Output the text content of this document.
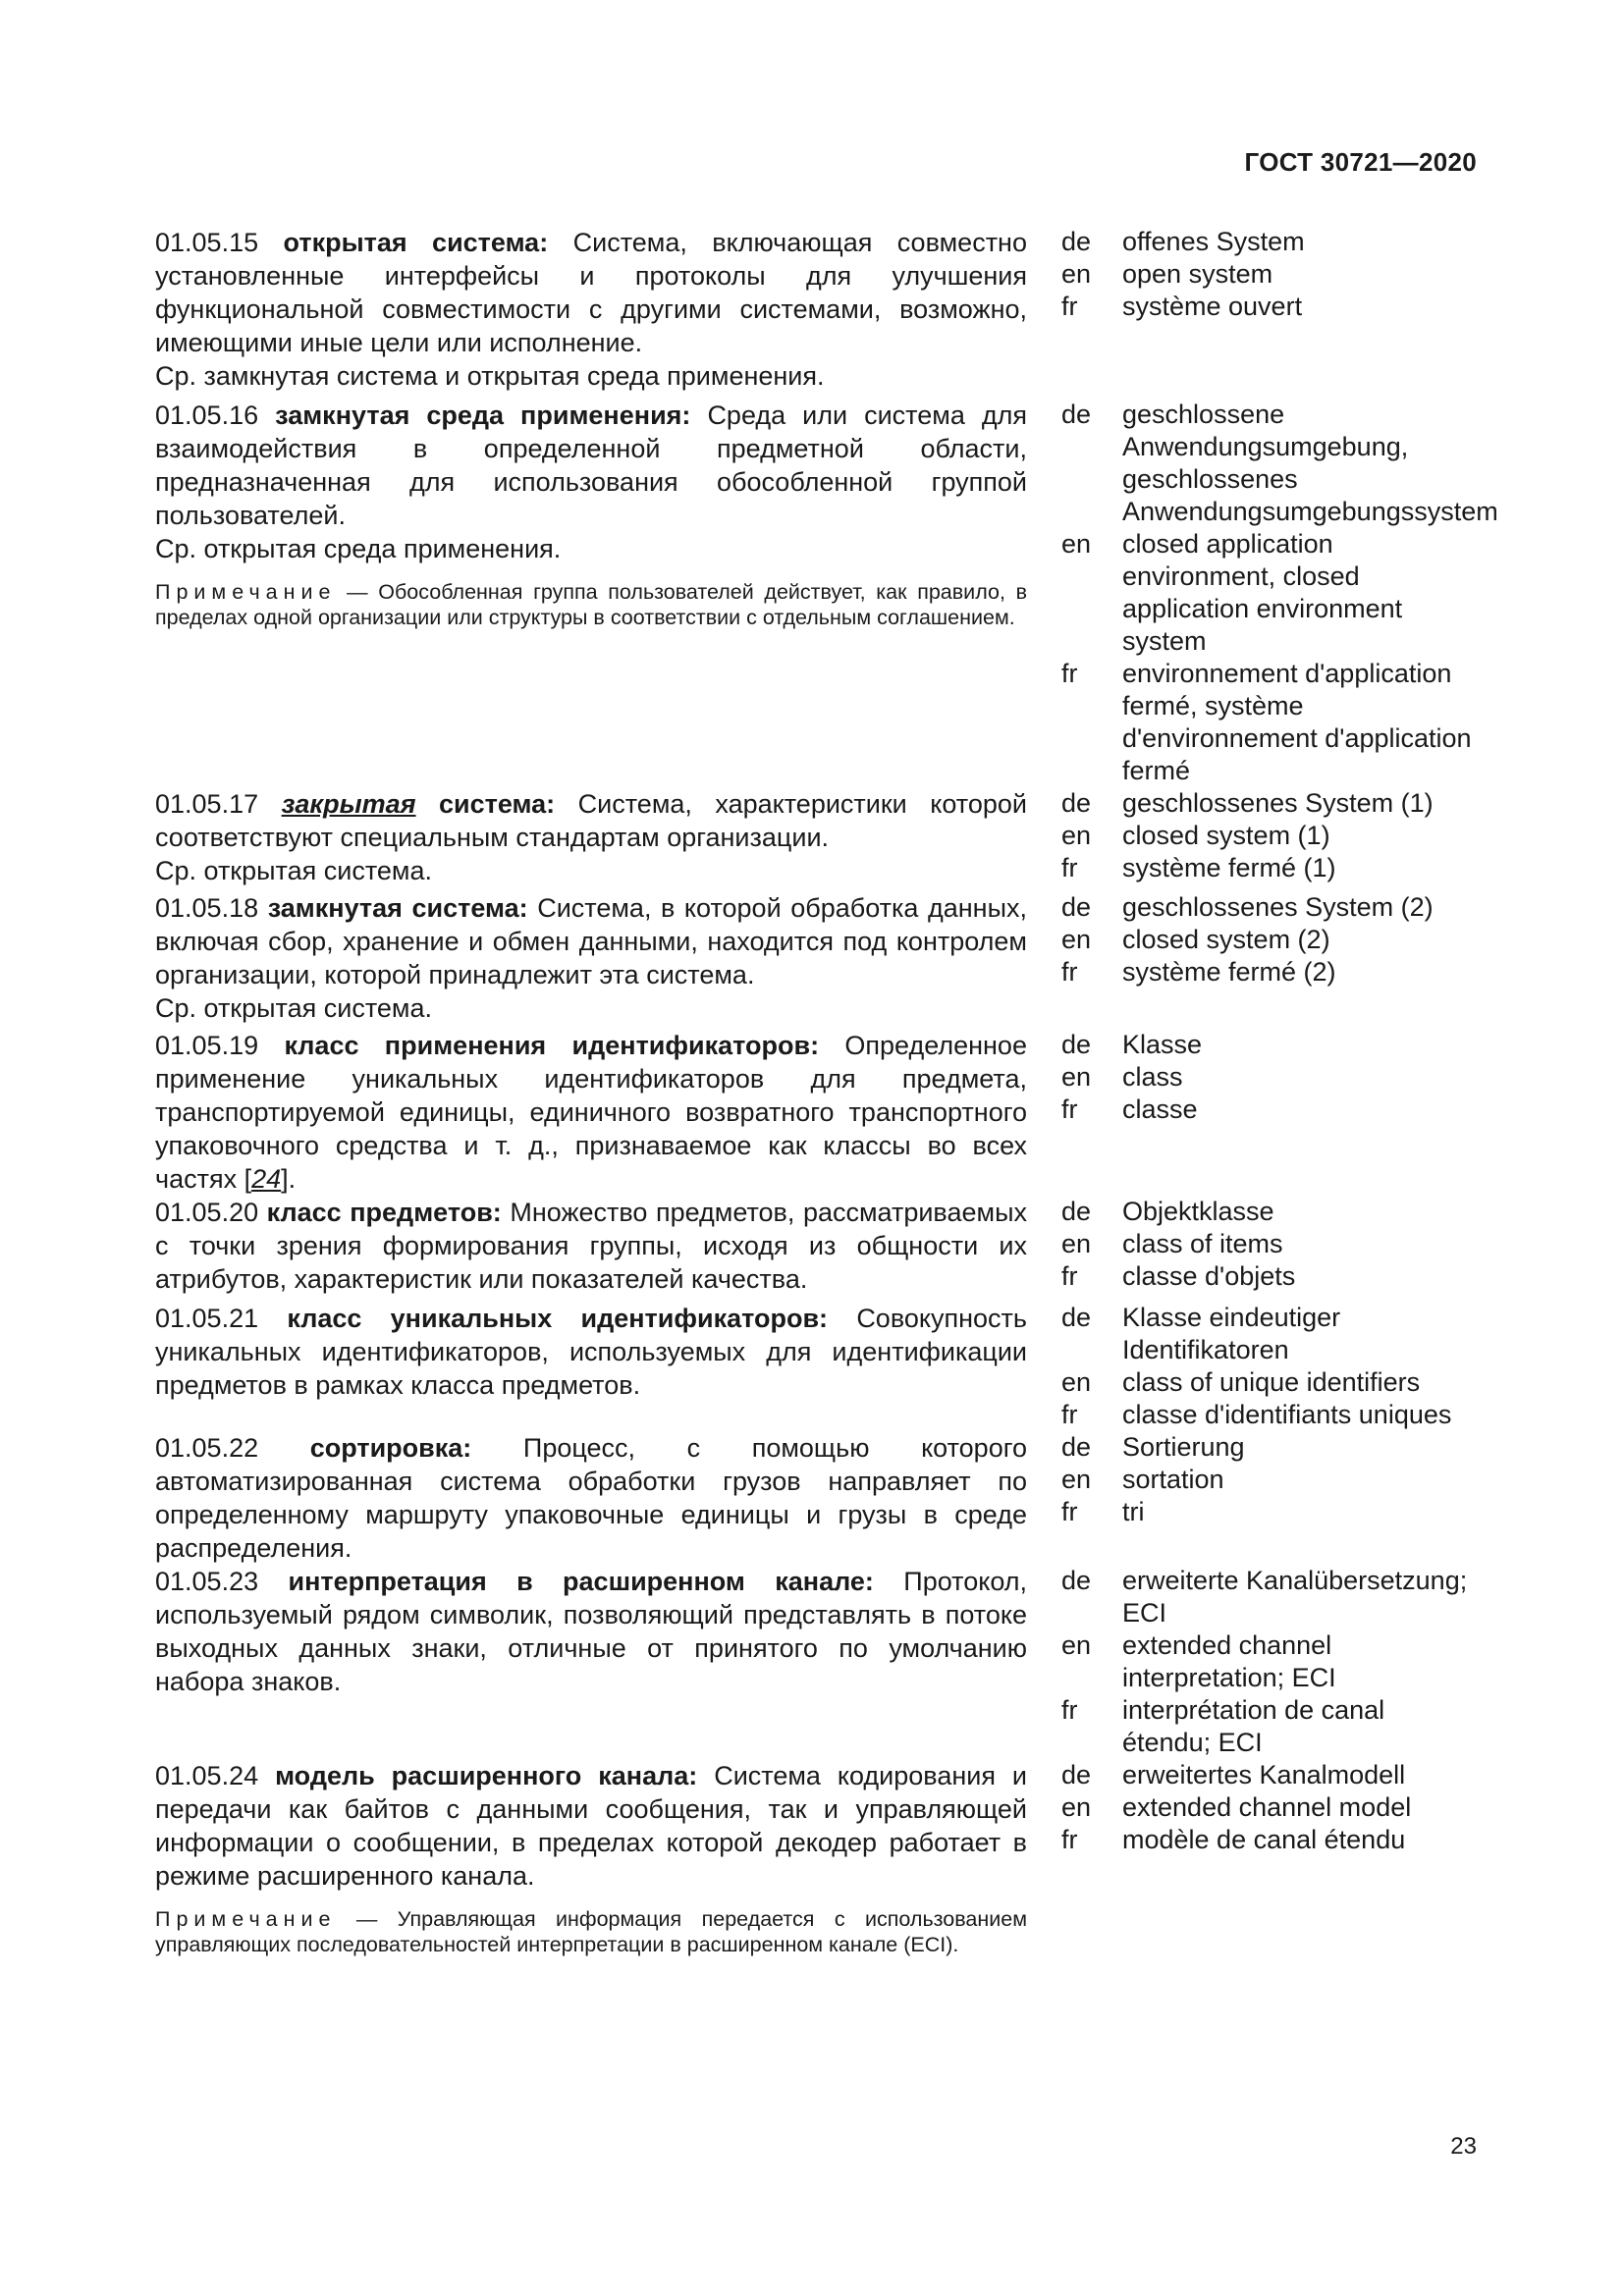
ГОСТ 30721—2020

01.05.15 открытая система: Система, включающая совместно установленные интерфейсы и протоколы для улучшения функциональной совместимости с другими системами, возможно, имеющими иные цели или исполнение.

Ср. замкнутая система и открытая среда применения.

de	offenes System
en	open system
fr	système ouvert

01.05.16 замкнутая среда применения: Среда или система для взаимодействия в определенной предметной области, предназначенная для использования обособленной группой пользователей.

Ср. открытая среда применения.

Примечание — Обособленная группа пользователей действует, как правило, в пределах одной организации или структуры в соответствии с отдельным соглашением.

de	geschlossene Anwendungsumgebung, geschlossenes Anwendungsumgebungssystem
en	closed application environment, closed application environment system
fr	environnement d'application fermé, système d'environnement d'application fermé

01.05.17 закрытая система: Система, характеристики которой соответствуют специальным стандартам организации.

Ср. открытая система.

de	geschlossenes System (1)
en	closed system (1)
fr	système fermé (1)

01.05.18 замкнутая система: Система, в которой обработка данных, включая сбор, хранение и обмен данными, находится под контролем организации, которой принадлежит эта система.

Ср. открытая система.

de	geschlossenes System (2)
en	closed system (2)
fr	système fermé (2)

01.05.19 класс применения идентификаторов: Определенное применение уникальных идентификаторов для предмета, транспортируемой единицы, единичного возвратного транспортного упаковочного средства и т. д., признаваемое как классы во всех частях [24].

de	Klasse
en	class
fr	classe

01.05.20 класс предметов: Множество предметов, рассматриваемых с точки зрения формирования группы, исходя из общности их атрибутов, характеристик или показателей качества.

de	Objektklasse
en	class of items
fr	classe d'objets

01.05.21 класс уникальных идентификаторов: Совокупность уникальных идентификаторов, используемых для идентификации предметов в рамках класса предметов.

de	Klasse eindeutiger Identifikatoren
en	class of unique identifiers
fr	classe d'identifiants uniques

01.05.22 сортировка: Процесс, с помощью которого автоматизированная система обработки грузов направляет по определенному маршруту упаковочные единицы и грузы в среде распределения.

de	Sortierung
en	sortation
fr	tri

01.05.23 интерпретация в расширенном канале: Протокол, используемый рядом символик, позволяющий представлять в потоке выходных данных знаки, отличные от принятого по умолчанию набора знаков.

de	erweiterte Kanalübersetzung; ECI
en	extended channel interpretation; ECI
fr	interprétation de canal étendu; ECI

01.05.24 модель расширенного канала: Система кодирования и передачи как байтов с данными сообщения, так и управляющей информации о сообщении, в пределах которой декодер работает в режиме расширенного канала.

Примечание — Управляющая информация передается с использованием управляющих последовательностей интерпретации в расширенном канале (ECI).

de	erweitertes Kanalmodell
en	extended channel model
fr	modèle de canal étendu
23
